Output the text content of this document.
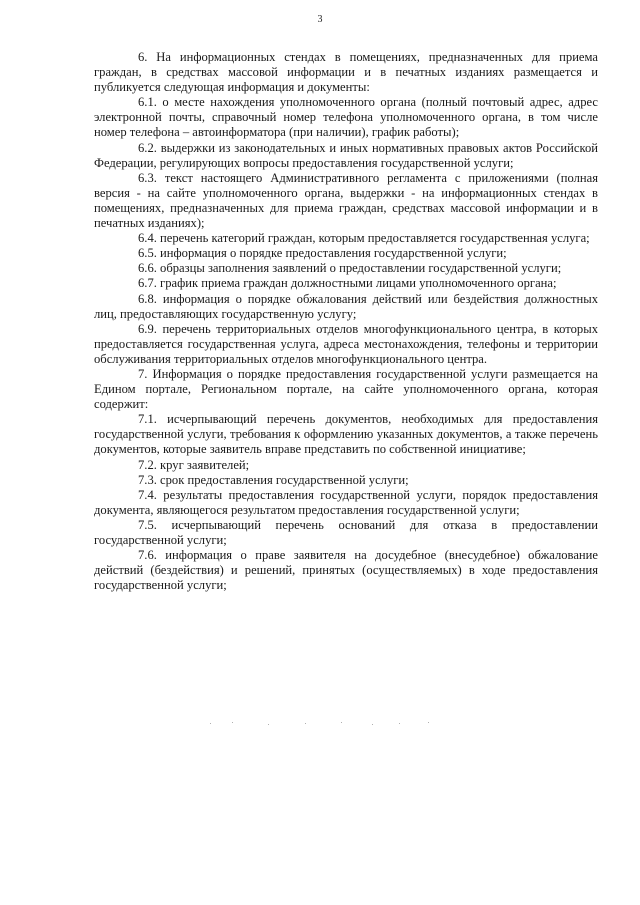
3

6. На информационных стендах в помещениях, предназначенных для приема граждан, в средствах массовой информации и в печатных изданиях размещается и публикуется следующая информация и документы:

6.1. о месте нахождения уполномоченного органа (полный почтовый адрес, адрес электронной почты, справочный номер телефона уполномоченного органа, в том числе номер телефона – автоинформатора (при наличии), график работы);

6.2. выдержки из законодательных и иных нормативных правовых актов Российской Федерации, регулирующих вопросы предоставления государственной услуги;

6.3. текст настоящего Административного регламента с приложениями (полная версия - на сайте уполномоченного органа, выдержки - на информационных стендах в помещениях, предназначенных для приема граждан, средствах массовой информации и в печатных изданиях);

6.4. перечень категорий граждан, которым предоставляется государственная услуга;

6.5. информация о порядке предоставления государственной услуги;

6.6. образцы заполнения заявлений о предоставлении государственной услуги;

6.7. график приема граждан должностными лицами уполномоченного органа;

6.8. информация о порядке обжалования действий или бездействия должностных лиц, предоставляющих государственную услугу;

6.9. перечень территориальных отделов многофункционального центра, в которых предоставляется государственная услуга, адреса местонахождения, телефоны и территории обслуживания территориальных отделов многофункционального центра.

7. Информация о порядке предоставления государственной услуги размещается на Едином портале, Региональном портале, на сайте уполномоченного органа, которая содержит:

7.1. исчерпывающий перечень документов, необходимых для предоставления государственной услуги, требования к оформлению указанных документов, а также перечень документов, которые заявитель вправе представить по собственной инициативе;

7.2. круг заявителей;

7.3. срок предоставления государственной услуги;

7.4. результаты предоставления государственной услуги, порядок предоставления документа, являющегося результатом предоставления государственной услуги;

7.5. исчерпывающий перечень оснований для отказа в предоставлении государственной услуги;

7.6. информация о праве заявителя на досудебное (внесудебное) обжалование действий (бездействия) и решений, принятых (осуществляемых) в ходе предоставления государственной услуги;
